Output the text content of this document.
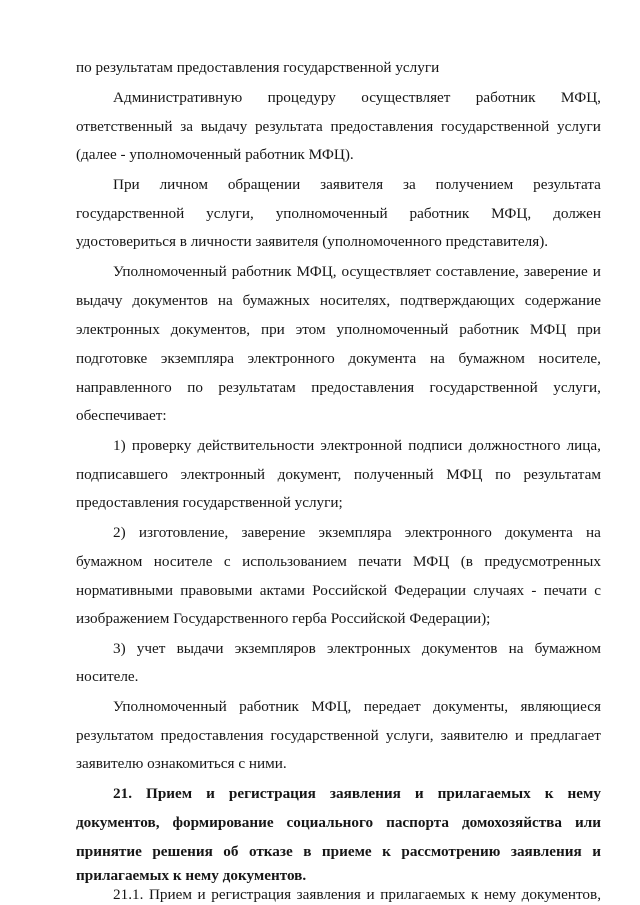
по результатам предоставления государственной услуги
Административную процедуру осуществляет работник МФЦ,
ответственный за выдачу результата предоставления государственной услуги
(далее - уполномоченный работник МФЦ).
При личном обращении заявителя за получением результата
государственной услуги, уполномоченный работник МФЦ, должен
удостовериться в личности заявителя (уполномоченного представителя).
Уполномоченный работник МФЦ, осуществляет составление, заверение и
выдачу документов на бумажных носителях, подтверждающих содержание
электронных документов, при этом уполномоченный работник МФЦ при
подготовке экземпляра электронного документа на бумажном носителе,
направленного по результатам предоставления государственной услуги,
обеспечивает:
1) проверку действительности электронной подписи должностного лица,
подписавшего электронный документ, полученный МФЦ по результатам
предоставления государственной услуги;
2) изготовление, заверение экземпляра электронного документа на
бумажном носителе с использованием печати МФЦ (в предусмотренных
нормативными правовыми актами Российской Федерации случаях - печати с
изображением Государственного герба Российской Федерации);
3) учет выдачи экземпляров электронных документов на бумажном
носителе.
Уполномоченный работник МФЦ, передает документы, являющиеся
результатом предоставления государственной услуги, заявителю и предлагает
заявителю ознакомиться с ними.
21. Прием и регистрация заявления и прилагаемых к нему
документов, формирование социального паспорта домохозяйства или
принятие решения об отказе в приеме к рассмотрению заявления и
прилагаемых к нему документов.
21.1. Прием и регистрация заявления и прилагаемых к нему документов,
